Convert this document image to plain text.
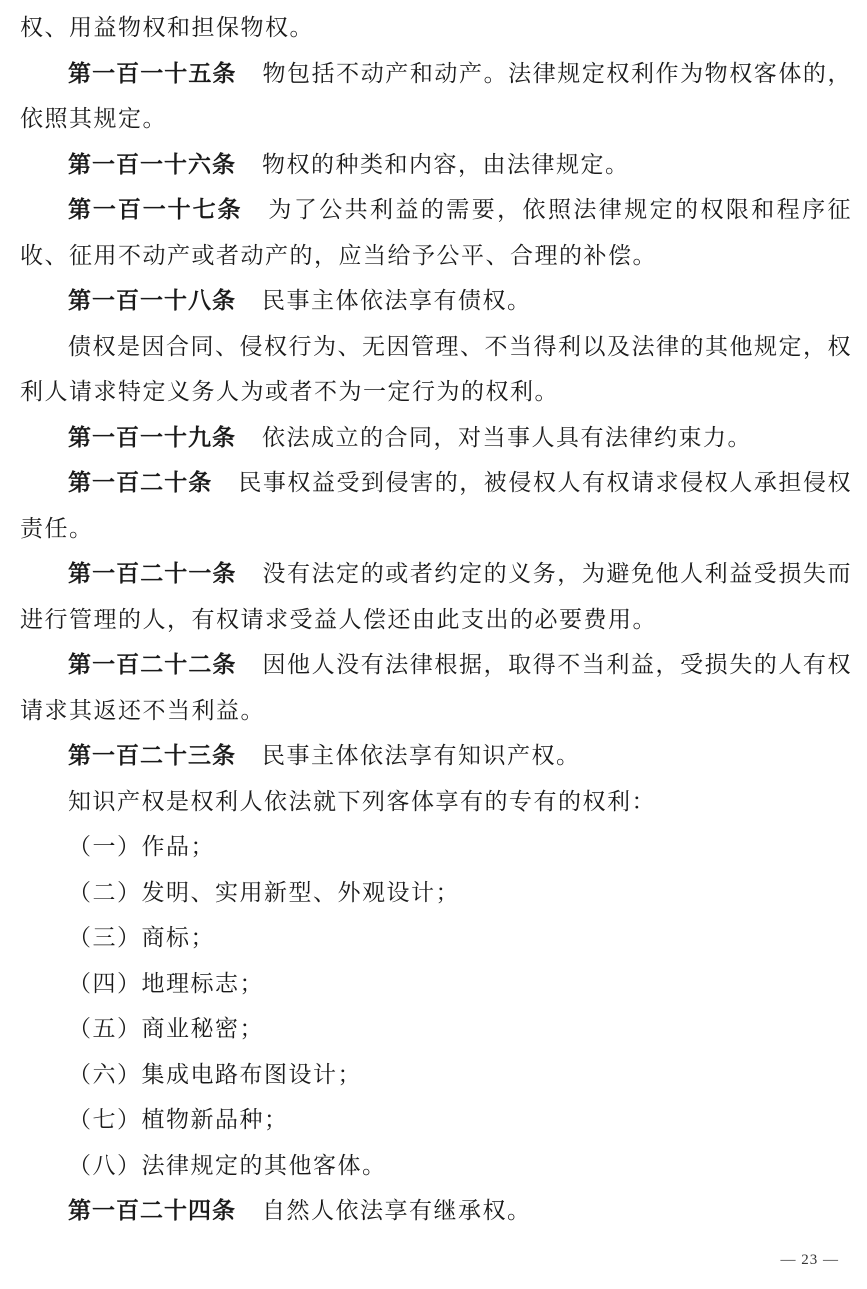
权、用益物权和担保物权。

第一百一十五条 物包括不动产和动产。法律规定权利作为物权客体的，依照其规定。

第一百一十六条 物权的种类和内容，由法律规定。

第一百一十七条 为了公共利益的需要，依照法律规定的权限和程序征收、征用不动产或者动产的，应当给予公平、合理的补偿。

第一百一十八条 民事主体依法享有债权。

债权是因合同、侵权行为、无因管理、不当得利以及法律的其他规定，权利人请求特定义务人为或者不为一定行为的权利。

第一百一十九条 依法成立的合同，对当事人具有法律约束力。

第一百二十条 民事权益受到侵害的，被侵权人有权请求侵权人承担侵权责任。

第一百二十一条 没有法定的或者约定的义务，为避免他人利益受损失而进行管理的人，有权请求受益人偿还由此支出的必要费用。

第一百二十二条 因他人没有法律根据，取得不当利益，受损失的人有权请求其返还不当利益。

第一百二十三条 民事主体依法享有知识产权。

知识产权是权利人依法就下列客体享有的专有的权利：

（一）作品；

（二）发明、实用新型、外观设计；

（三）商标；

（四）地理标志；

（五）商业秘密；

（六）集成电路布图设计；

（七）植物新品种；

（八）法律规定的其他客体。

第一百二十四条 自然人依法享有继承权。

— 23 —
